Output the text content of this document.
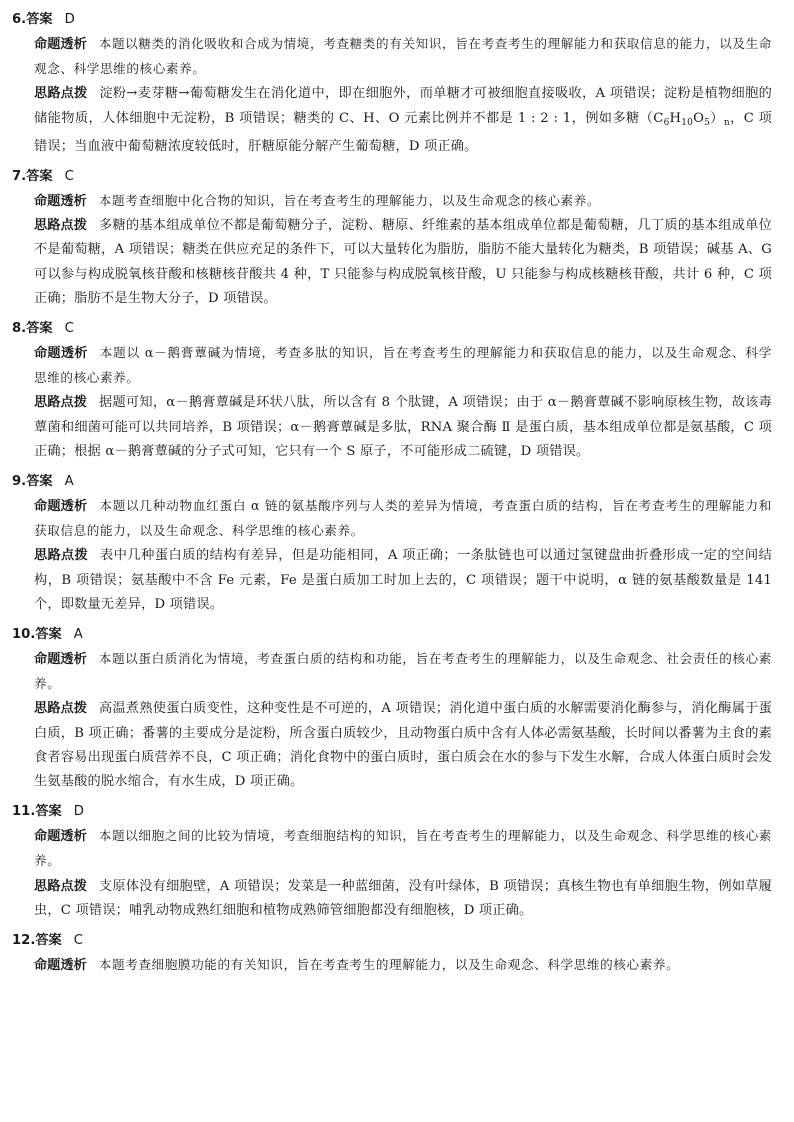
6.答案 D
命题透析 本题以糖类的消化吸收和合成为情境，考查糖类的有关知识，旨在考查考生的理解能力和获取信息的能力，以及生命观念、科学思维的核心素养。
思路点拨 淀粉→麦芽糖→葡萄糖发生在消化道中，即在细胞外，而单糖才可被细胞直接吸收，A 项错误；淀粉是植物细胞的储能物质，人体细胞中无淀粉，B 项错误；糖类的 C、H、O 元素比例并不都是 1 : 2 : 1，例如多糖$(C_6H_{10}O_5)_n$，C 项错误；当血液中葡萄糖浓度较低时，肝糖原能分解产生葡萄糖，D 项正确。
7.答案 C
命题透析 本题考查细胞中化合物的知识，旨在考查考生的理解能力，以及生命观念的核心素养。
思路点拨 多糖的基本组成单位不都是葡萄糖分子，淀粉、糖原、纤维素的基本组成单位都是葡萄糖，几丁质的基本组成单位不是葡萄糖，A 项错误；糖类在供应充足的条件下，可以大量转化为脂肪，脂肪不能大量转化为糖类，B 项错误；碱基 A、G 可以参与构成脱氧核苷酸和核糖核苷酸共 4 种，T 只能参与构成脱氧核苷酸，U 只能参与构成核糖核苷酸，共计 6 种，C 项正确；脂肪不是生物大分子，D 项错误。
8.答案 C
命题透析 本题以 α－鹅膏蕈碱为情境，考查多肽的知识，旨在考查考生的理解能力和获取信息的能力，以及生命观念、科学思维的核心素养。
思路点拨 据题可知，α－鹅膏蕈碱是环状八肽，所以含有 8 个肽键，A 项错误；由于 α－鹅膏蕈碱不影响原核生物，故该毒蕈菌和细菌可能可以共同培养，B 项错误；α－鹅膏蕈碱是多肽，RNA 聚合酶 Ⅱ 是蛋白质，基本组成单位都是氨基酸，C 项正确；根据 α－鹅膏蕈碱的分子式可知，它只有一个 S 原子，不可能形成二硫键，D 项错误。
9.答案 A
命题透析 本题以几种动物血红蛋白 α 链的氨基酸序列与人类的差异为情境，考查蛋白质的结构，旨在考查考生的理解能力和获取信息的能力，以及生命观念、科学思维的核心素养。
思路点拨 表中几种蛋白质的结构有差异，但是功能相同，A 项正确；一条肽链也可以通过氢键盘曲折叠形成一定的空间结构，B 项错误；氨基酸中不含 Fe 元素，Fe 是蛋白质加工时加上去的，C 项错误；题干中说明，α 链的氨基酸数量是 141 个，即数量无差异，D 项错误。
10.答案 A
命题透析 本题以蛋白质消化为情境，考查蛋白质的结构和功能，旨在考查考生的理解能力，以及生命观念、社会责任的核心素养。
思路点拨 高温煮熟使蛋白质变性，这种变性是不可逆的，A 项错误；消化道中蛋白质的水解需要消化酶参与，消化酶属于蛋白质，B 项正确；番薯的主要成分是淀粉，所含蛋白质较少，且动物蛋白质中含有人体必需氨基酸，长时间以番薯为主食的素食者容易出现蛋白质营养不良，C 项正确；消化食物中的蛋白质时，蛋白质会在水的参与下发生水解，合成人体蛋白质时会发生氨基酸的脱水缩合，有水生成，D 项正确。
11.答案 D
命题透析 本题以细胞之间的比较为情境，考查细胞结构的知识，旨在考查考生的理解能力，以及生命观念、科学思维的核心素养。
思路点拨 支原体没有细胞壁，A 项错误；发菜是一种蓝细菌，没有叶绿体，B 项错误；真核生物也有单细胞生物，例如草履虫，C 项错误；哺乳动物成熟红细胞和植物成熟筛管细胞都没有细胞核，D 项正确。
12.答案 C
命题透析 本题考查细胞膜功能的有关知识，旨在考查考生的理解能力，以及生命观念、科学思维的核心素养。
